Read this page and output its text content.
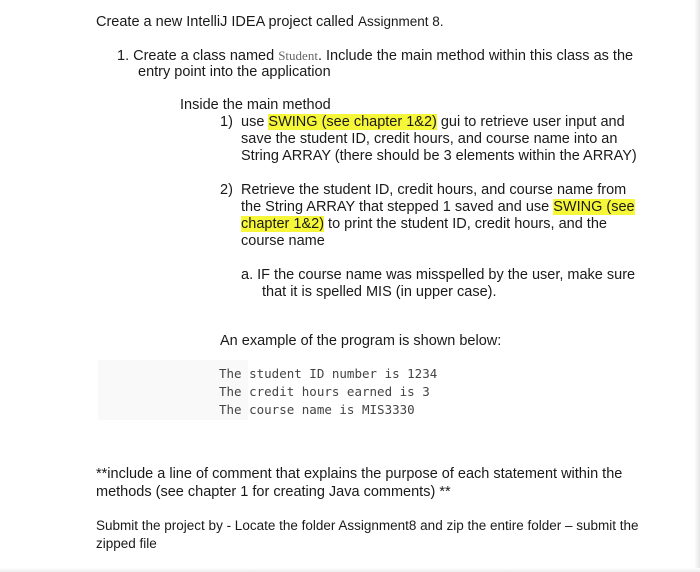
Create a new IntelliJ IDEA project called Assignment 8.
1. Create a class named Student. Include the main method within this class as the
entry point into the application
Inside the main method
1) use SWING (see chapter 1&2) gui to retrieve user input and
save the student ID, credit hours, and course name into an
String ARRAY (there should be 3 elements within the ARRAY)
2) Retrieve the student ID, credit hours, and course name from
the String ARRAY that stepped 1 saved and use SWING (see
chapter 1&2) to print the student ID, credit hours, and the
course name
a. IF the course name was misspelled by the user, make sure
that it is spelled MIS (in upper case).
An example of the program is shown below:
The student ID number is 1234
The credit hours earned is 3
The course name is MIS3330
**include a line of comment that explains the purpose of each statement within the
methods (see chapter 1 for creating Java comments) **
Submit the project by - Locate the folder Assignment8 and zip the entire folder – submit the
zipped file
